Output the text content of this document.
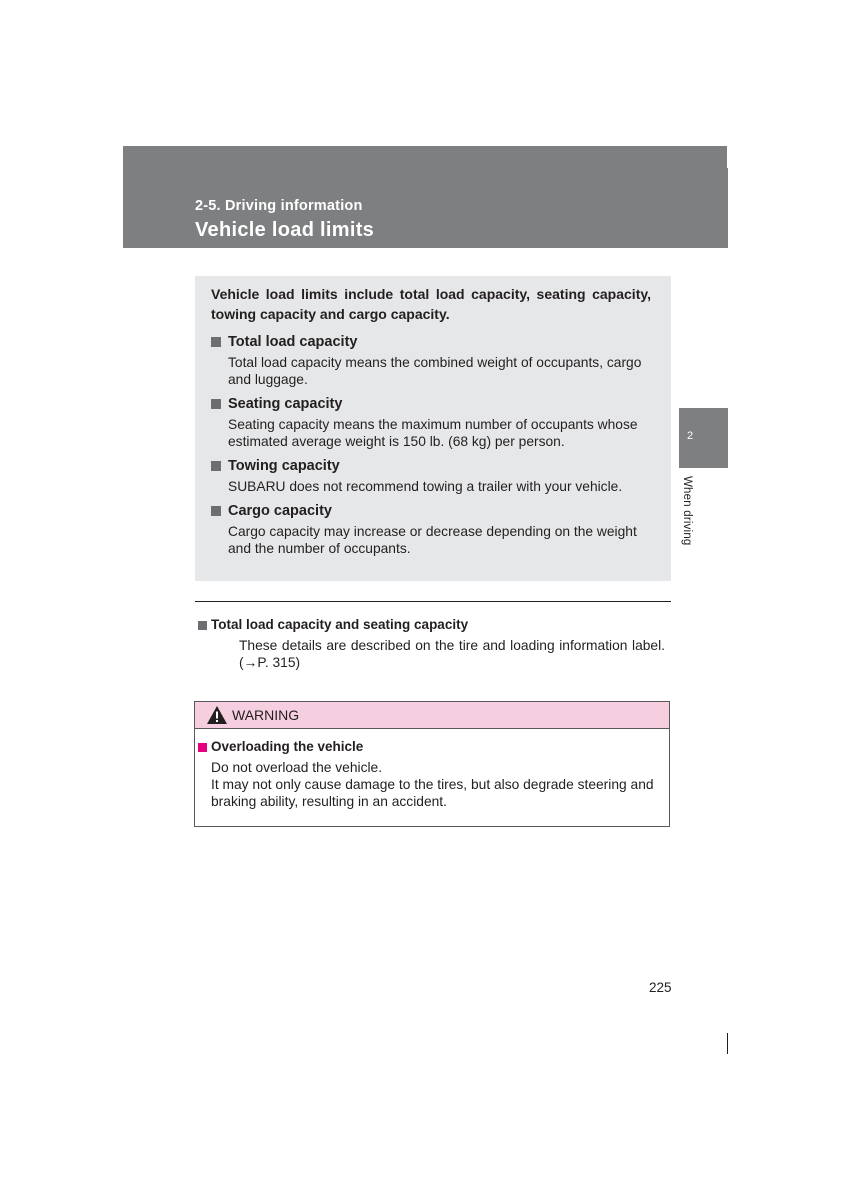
2-5. Driving information
Vehicle load limits

Vehicle load limits include total load capacity, seating capacity, towing capacity and cargo capacity.

Total load capacity
Total load capacity means the combined weight of occupants, cargo and luggage.
Seating capacity
Seating capacity means the maximum number of occupants whose estimated average weight is 150 lb. (68 kg) per person.
Towing capacity
SUBARU does not recommend towing a trailer with your vehicle.
Cargo capacity
Cargo capacity may increase or decrease depending on the weight and the number of occupants.
Total load capacity and seating capacity
These details are described on the tire and loading information label. (→P. 315)
WARNING
Overloading the vehicle
Do not overload the vehicle.
It may not only cause damage to the tires, but also degrade steering and braking ability, resulting in an accident.
2
When driving
225
